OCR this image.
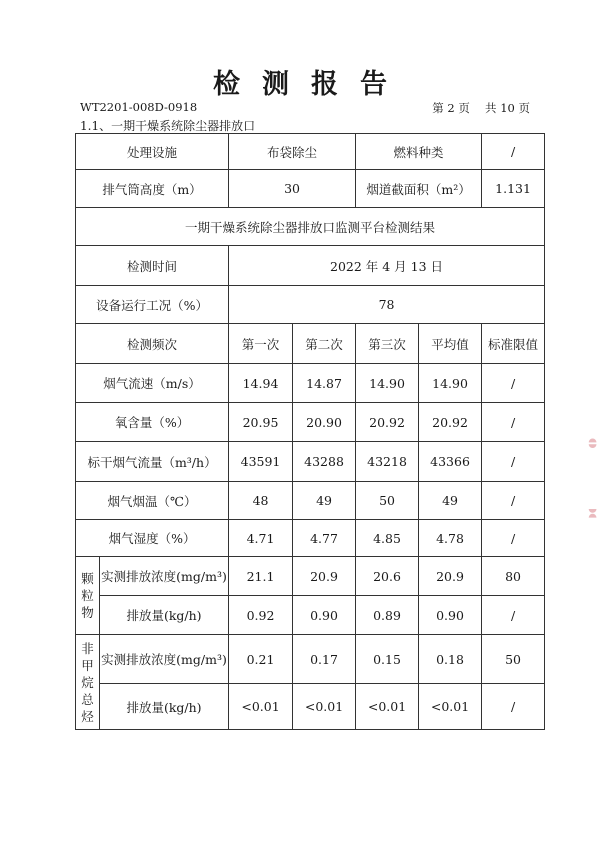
检测报告
WT2201-008D-0918	第 2 页　 共 10 页
1.1、一期干燥系统除尘器排放口
◖◗
◗◖
处理设施		布袋除尘		燃料种类		/
排气筒高度（m）		30		烟道截面积（m²）		1.131
一期干燥系统除尘器排放口监测平台检测结果						
检测时间		2022 年 4 月 13 日				
设备运行工况（%）		78				
检测频次		第一次	第二次	第三次	平均值	标准限值
烟气流速（m/s）		14.94	14.87	14.90	14.90	/
氧含量（%）		20.95	20.90	20.92	20.92	/
标干烟气流量（m³/h）		43591	43288	43218	43366	/
烟气烟温（℃）		48	49	50	49	/
烟气湿度（%）		4.71	4.77	4.85	4.78	/

颗
粒
物	实测排放浓度(mg/m³)	21.1	20.9	20.6	20.9	80
	排放量(kg/h)	0.92	0.90	0.89	0.90	/

非
甲
烷
总
烃	实测排放浓度(mg/m³)	0.21	0.17	0.15	0.18	50
	排放量(kg/h)	<0.01	<0.01	<0.01	<0.01	/
